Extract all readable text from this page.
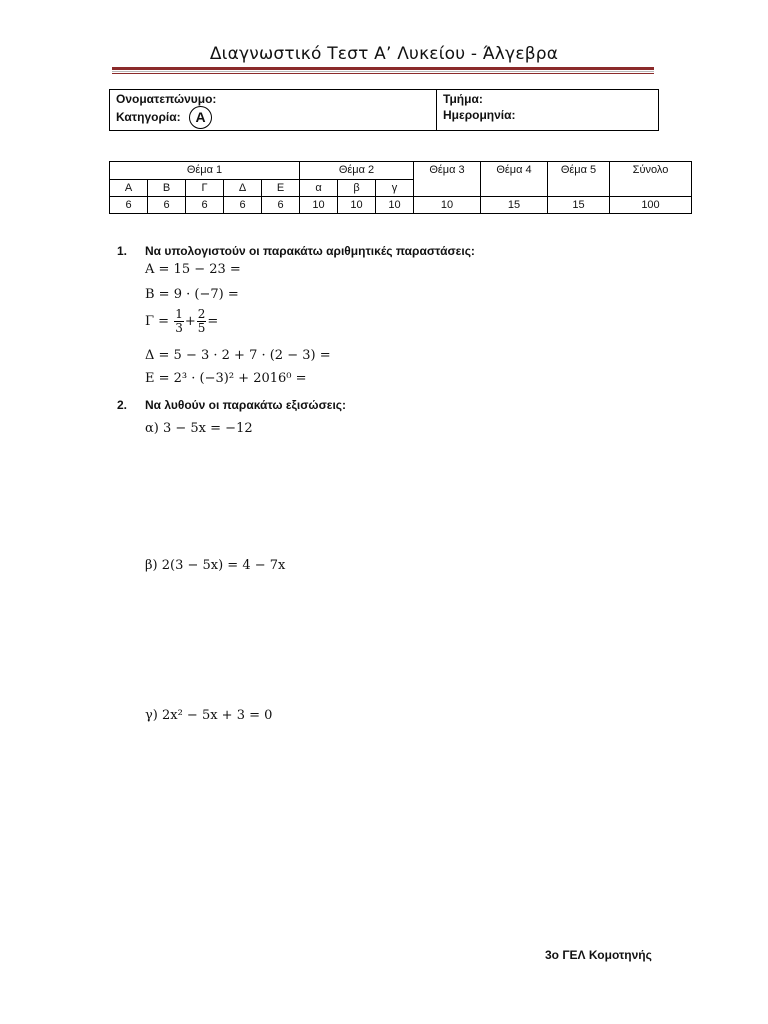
Διαγνωστικό Τεστ Α’ Λυκείου - Άλγεβρα
Ονοματεπώνυμο:
Κατηγορία:	Α
Τμήμα:
Ημερομηνία:
Θέμα 1					Θέμα 2			Θέμα 3	Θέμα 4	Θέμα 5	Σύνολο
Α	Β	Γ	Δ	Ε	α	β	γ				
6	6	6	6	6	10	10	10	10	15	15	100
1. Να υπολογιστούν οι παρακάτω αριθμητικές παραστάσεις:
A = 15 − 23 =
B = 9 · (−7) =
$\Gamma = \frac{1}{3} + \frac{2}{5}$ =
Δ = 5 − 3 · 2 + 7 · (2 − 3) =
Ε = 2³ · (−3)² + 2016⁰ =
2. Να λυθούν οι παρακάτω εξισώσεις:
α) 3 − 5x = −12
β) 2(3 − 5x) = 4 − 7x
γ) 2x² − 5x + 3 = 0
3ο ΓΕΛ Κομοτηνής
